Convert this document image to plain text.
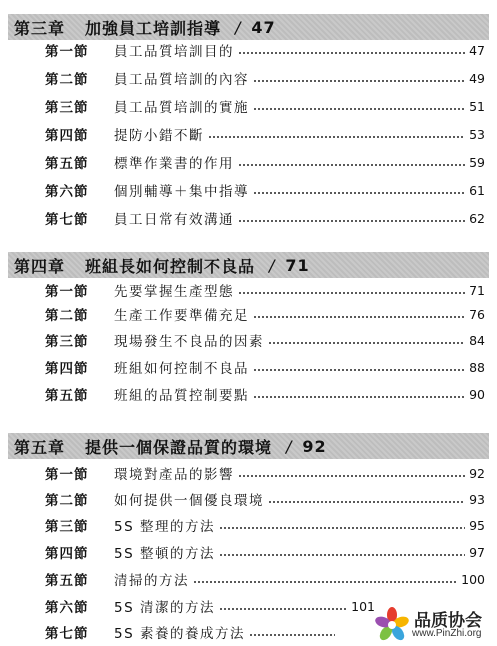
第三章 加強員工培訓指導 / 47
第一節	員工品質培訓目的	47
第二節	員工品質培訓的內容	49
第三節	員工品質培訓的實施	51
第四節	提防小錯不斷	53
第五節	標準作業書的作用	59
第六節	個別輔導＋集中指導	61
第七節	員工日常有效溝通	62
第四章 班組長如何控制不良品 / 71
第一節	先要掌握生產型態	71
第二節	生產工作要準備充足	76
第三節	現場發生不良品的因素	84
第四節	班組如何控制不良品	88
第五節	班組的品質控制要點	90
第五章 提供一個保證品質的環境 / 92
第一節	環境對產品的影響	92
第二節	如何提供一個優良環境	93
第三節	5S 整理的方法	95
第四節	5S 整頓的方法	97
第五節	清掃的方法	100
第六節	5S 清潔的方法	101
第七節	5S 素養的養成方法
品质协会
www.PinZhi.org
